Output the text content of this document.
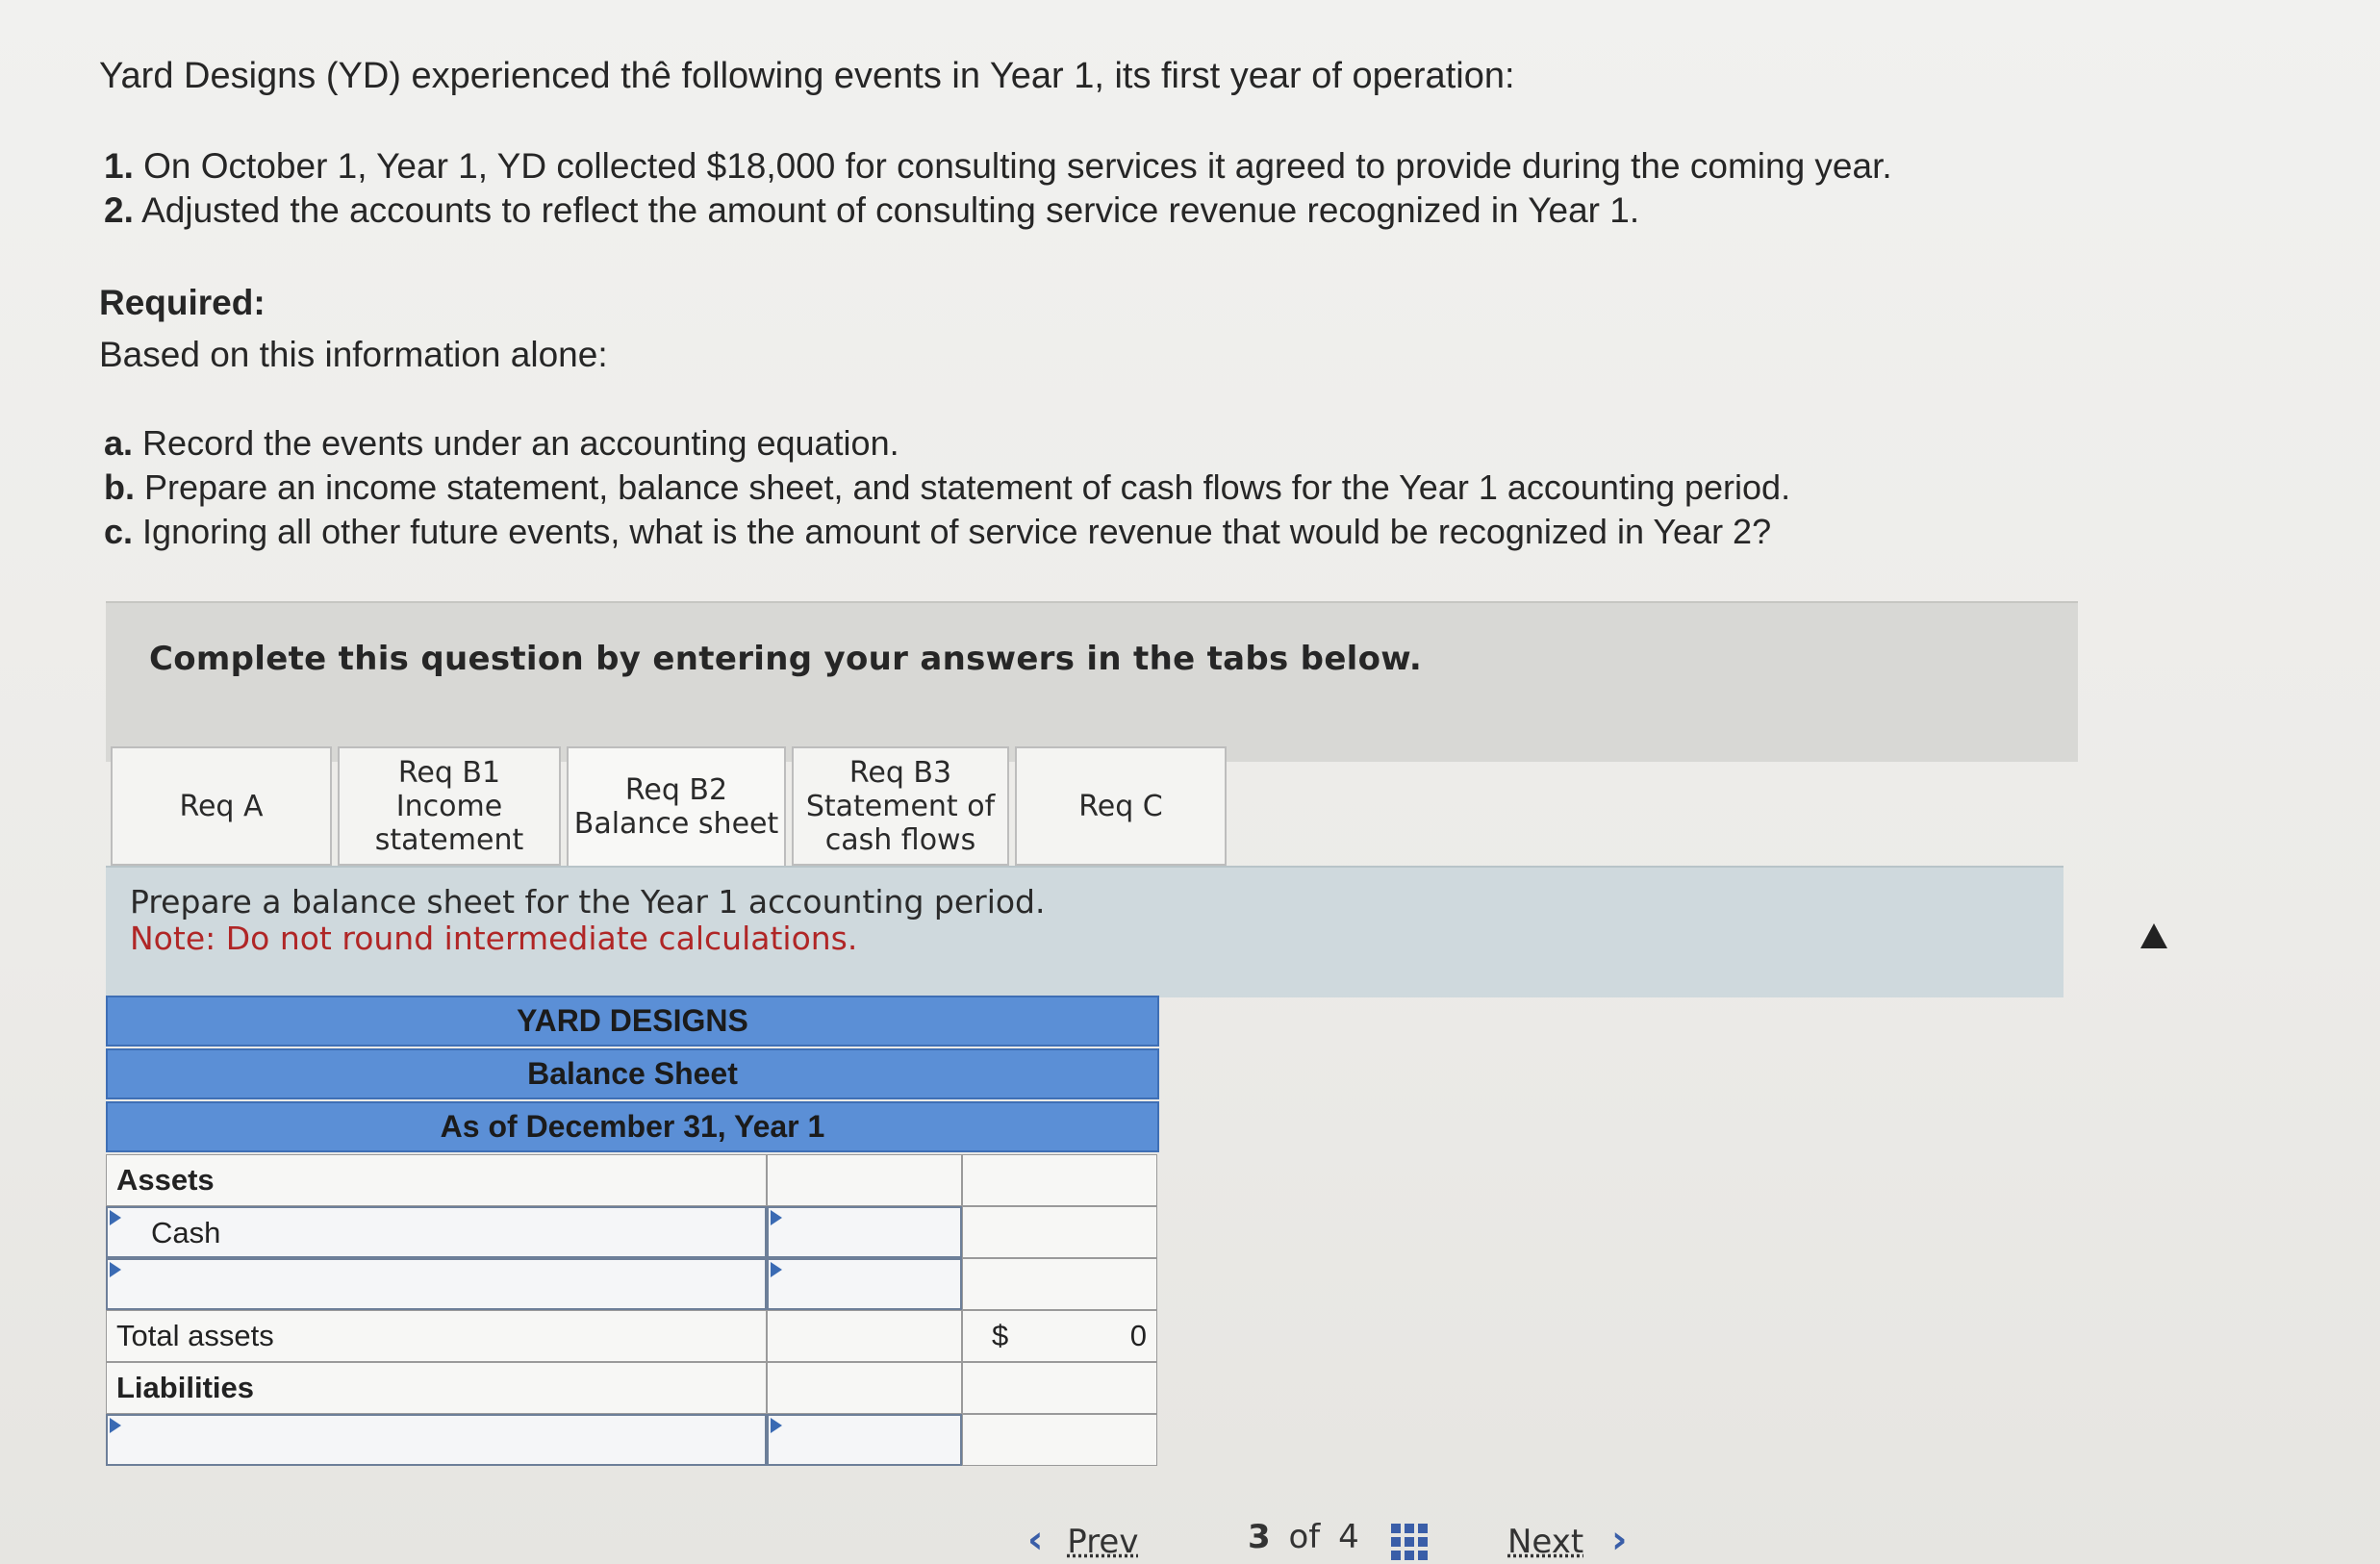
Yard Designs (YD) experienced thê following events in Year 1, its first year of operation:
1. On October 1, Year 1, YD collected $18,000 for consulting services it agreed to provide during the coming year.
2. Adjusted the accounts to reflect the amount of consulting service revenue recognized in Year 1.
Required:
Based on this information alone:
a. Record the events under an accounting equation.
b. Prepare an income statement, balance sheet, and statement of cash flows for the Year 1 accounting period.
c. Ignoring all other future events, what is the amount of service revenue that would be recognized in Year 2?
Complete this question by entering your answers in the tabs below.
Req A
Req B1
Income
statement
Req B2
Balance sheet
Req B3
Statement of
cash flows
Req C
Prepare a balance sheet for the Year 1 accounting period.
Note: Do not round intermediate calculations.
YARD DESIGNS
Balance Sheet
As of December 31, Year 1
Assets
Cash
Total assets	$	0
Liabilities
‹ Prev	3 of 4	Next ›
